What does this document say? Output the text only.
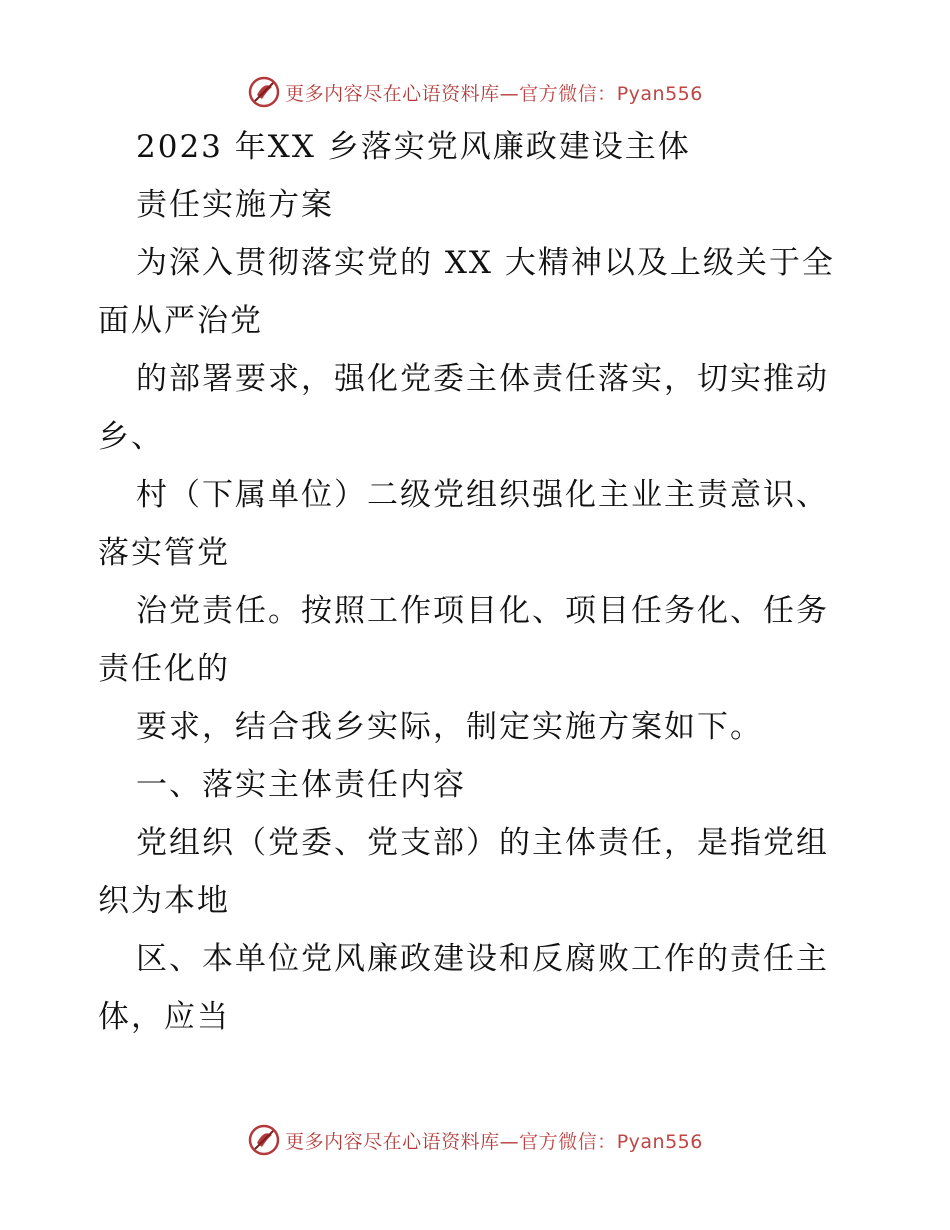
更多内容尽在心语资料库—官方微信：Pyan556
2023 年XX 乡落实党风廉政建设主体
责任实施方案
为深入贯彻落实党的 XX 大精神以及上级关于全
面从严治党
的部署要求，强化党委主体责任落实，切实推动
乡、
村（下属单位）二级党组织强化主业主责意识、
落实管党
治党责任。按照工作项目化、项目任务化、任务
责任化的
要求，结合我乡实际，制定实施方案如下。
一、落实主体责任内容
党组织（党委、党支部）的主体责任，是指党组
织为本地
区、本单位党风廉政建设和反腐败工作的责任主
体，应当
更多内容尽在心语资料库—官方微信：Pyan556
